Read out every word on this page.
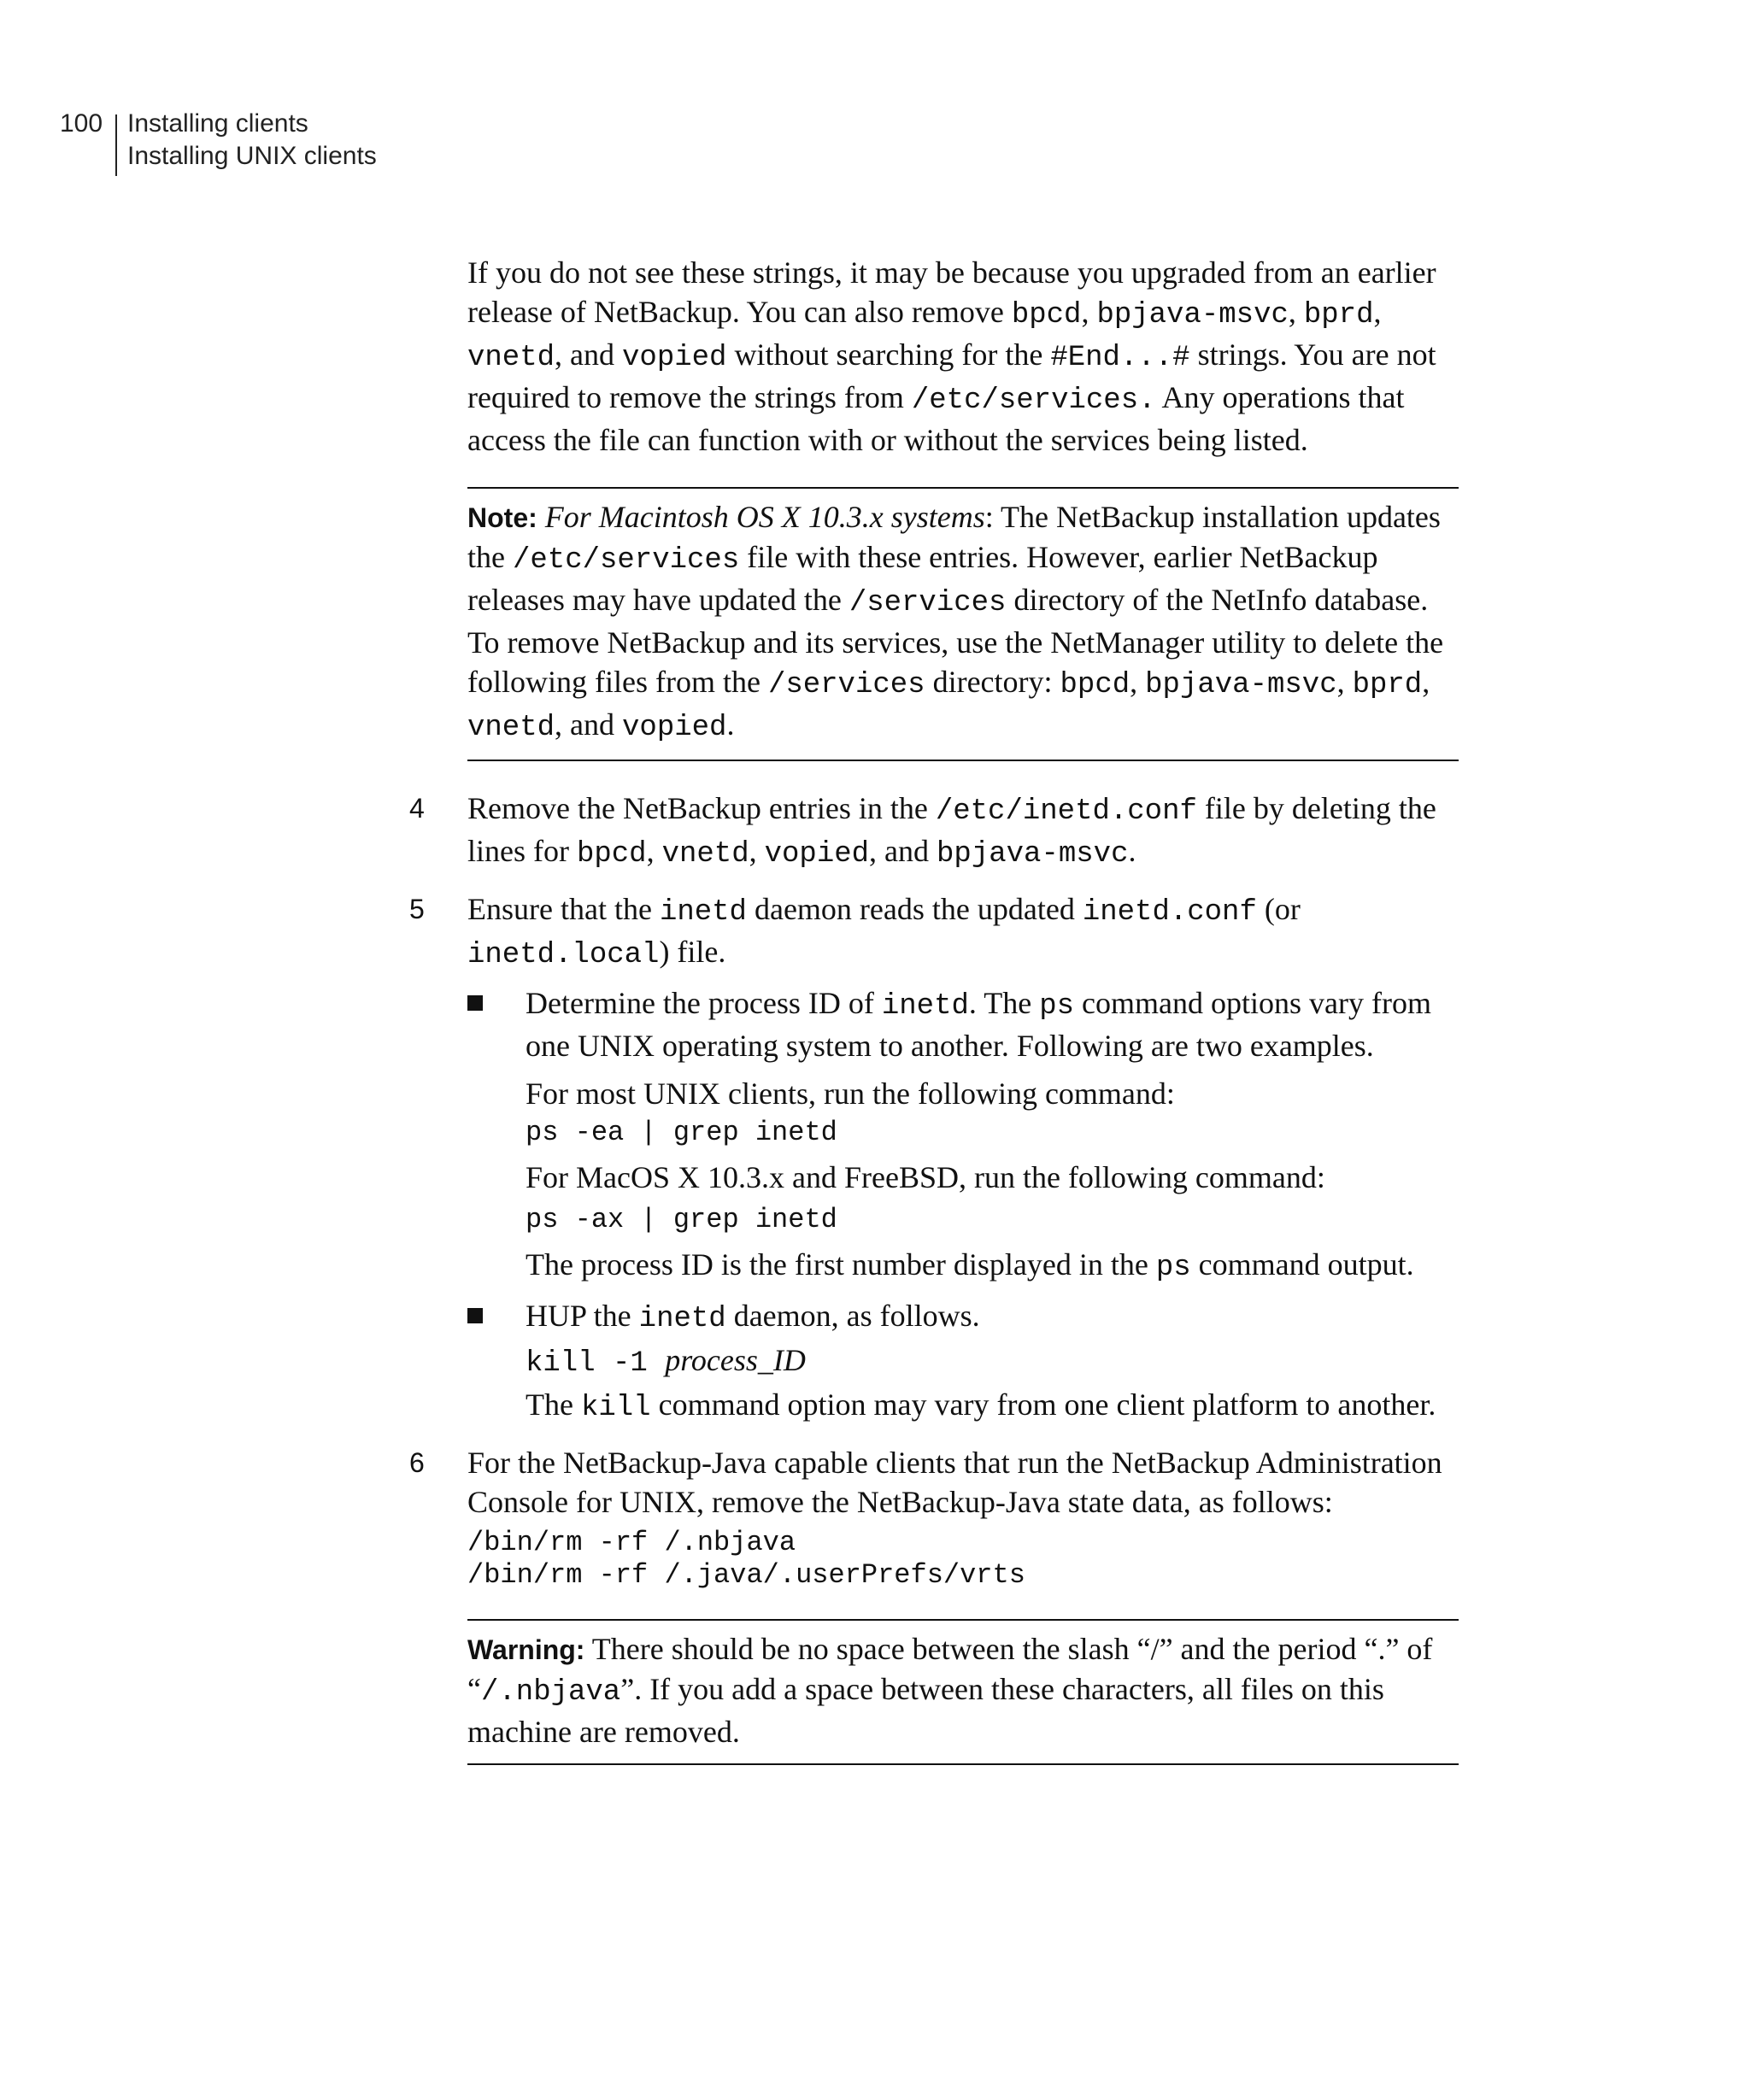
100 Installing clients
Installing UNIX clients

If you do not see these strings, it may be because you upgraded from an earlier release of NetBackup. You can also remove bpcd, bpjava-msvc, bprd, vnetd, and vopied without searching for the #End...# strings. You are not required to remove the strings from /etc/services. Any operations that access the file can function with or without the services being listed.

Note: For Macintosh OS X 10.3.x systems: The NetBackup installation updates the /etc/services file with these entries. However, earlier NetBackup releases may have updated the /services directory of the NetInfo database. To remove NetBackup and its services, use the NetManager utility to delete the following files from the /services directory: bpcd, bpjava-msvc, bprd, vnetd, and vopied.

4 Remove the NetBackup entries in the /etc/inetd.conf file by deleting the lines for bpcd, vnetd, vopied, and bpjava-msvc.

5 Ensure that the inetd daemon reads the updated inetd.conf (or inetd.local) file.

Determine the process ID of inetd. The ps command options vary from one UNIX operating system to another. Following are two examples.

For most UNIX clients, run the following command:

ps -ea | grep inetd

For MacOS X 10.3.x and FreeBSD, run the following command:

ps -ax | grep inetd

The process ID is the first number displayed in the ps command output.

HUP the inetd daemon, as follows.

kill -1 process_ID

The kill command option may vary from one client platform to another.

6 For the NetBackup-Java capable clients that run the NetBackup Administration Console for UNIX, remove the NetBackup-Java state data, as follows:

/bin/rm -rf /.nbjava
/bin/rm -rf /.java/.userPrefs/vrts

Warning: There should be no space between the slash “/” and the period “.” of “/.nbjava”. If you add a space between these characters, all files on this machine are removed.
